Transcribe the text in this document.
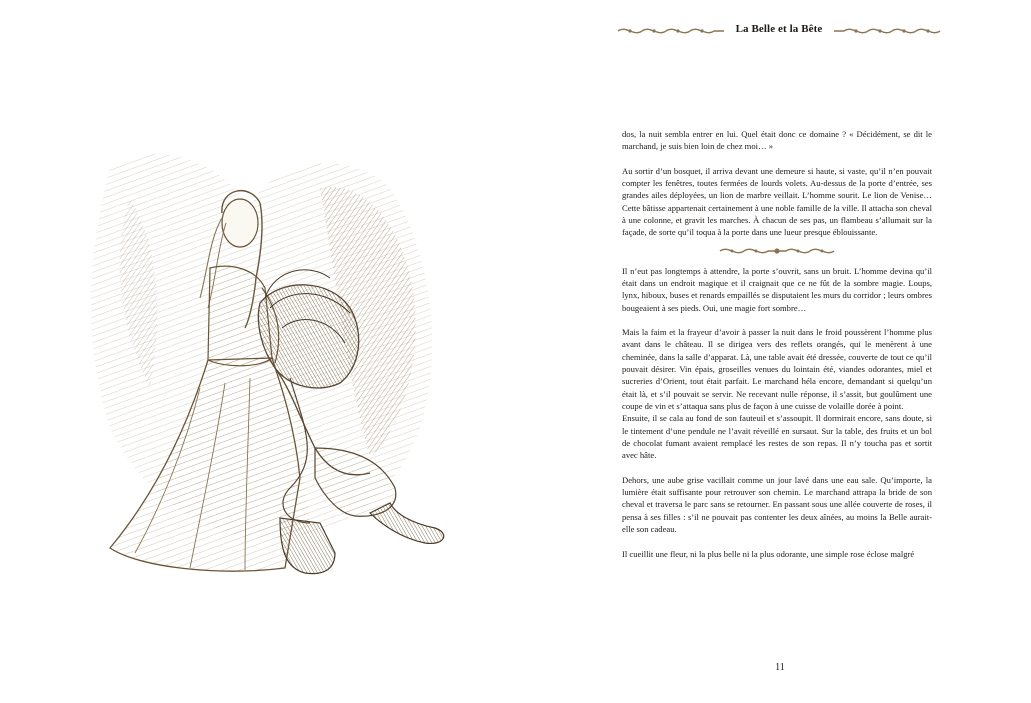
La Belle et la Bête

dos, la nuit sembla entrer en lui. Quel était donc ce domaine ? « Décidément, se dit le marchand, je suis bien loin de chez moi… »

Au sortir d’un bosquet, il arriva devant une demeure si haute, si vaste, qu’il n’en pouvait compter les fenêtres, toutes fermées de lourds volets. Au-dessus de la porte d’entrée, ses grandes ailes déployées, un lion de marbre veillait. L’homme sourit. Le lion de Venise… Cette bâtisse appartenait certainement à une noble famille de la ville. Il attacha son cheval à une colonne, et gravit les marches. À chacun de ses pas, un flambeau s’allumait sur la façade, de sorte qu’il toqua à la porte dans une lueur presque éblouissante.

Il n’eut pas longtemps à attendre, la porte s’ouvrit, sans un bruit. L’homme devina qu’il était dans un endroit magique et il craignait que ce ne fût de la sombre magie. Loups, lynx, hiboux, buses et renards empaillés se disputaient les murs du corridor ; leurs ombres bougeaient à ses pieds. Oui, une magie fort sombre…

Mais la faim et la frayeur d’avoir à passer la nuit dans le froid poussèrent l’homme plus avant dans le château. Il se dirigea vers des reflets orangés, qui le menèrent à une cheminée, dans la salle d’apparat. Là, une table avait été dressée, couverte de tout ce qu’il pouvait désirer. Vin épais, groseilles venues du lointain été, viandes odorantes, miel et sucreries d’Orient, tout était parfait. Le marchand héla encore, demandant si quelqu’un était là, et s’il pouvait se servir. Ne recevant nulle réponse, il s’assit, but goulûment une coupe de vin et s’attaqua sans plus de façon à une cuisse de volaille dorée à point.

Ensuite, il se cala au fond de son fauteuil et s’assoupit. Il dormirait encore, sans doute, si le tintement d’une pendule ne l’avait réveillé en sursaut. Sur la table, des fruits et un bol de chocolat fumant avaient remplacé les restes de son repas. Il n’y toucha pas et sortit avec hâte.

Dehors, une aube grise vacillait comme un jour lavé dans une eau sale. Qu’importe, la lumière était suffisante pour retrouver son chemin. Le marchand attrapa la bride de son cheval et traversa le parc sans se retourner. En passant sous une allée couverte de roses, il pensa à ses filles : s’il ne pouvait pas contenter les deux aînées, au moins la Belle aurait-elle son cadeau.

Il cueillit une fleur, ni la plus belle ni la plus odorante, une simple rose éclose malgré

11
